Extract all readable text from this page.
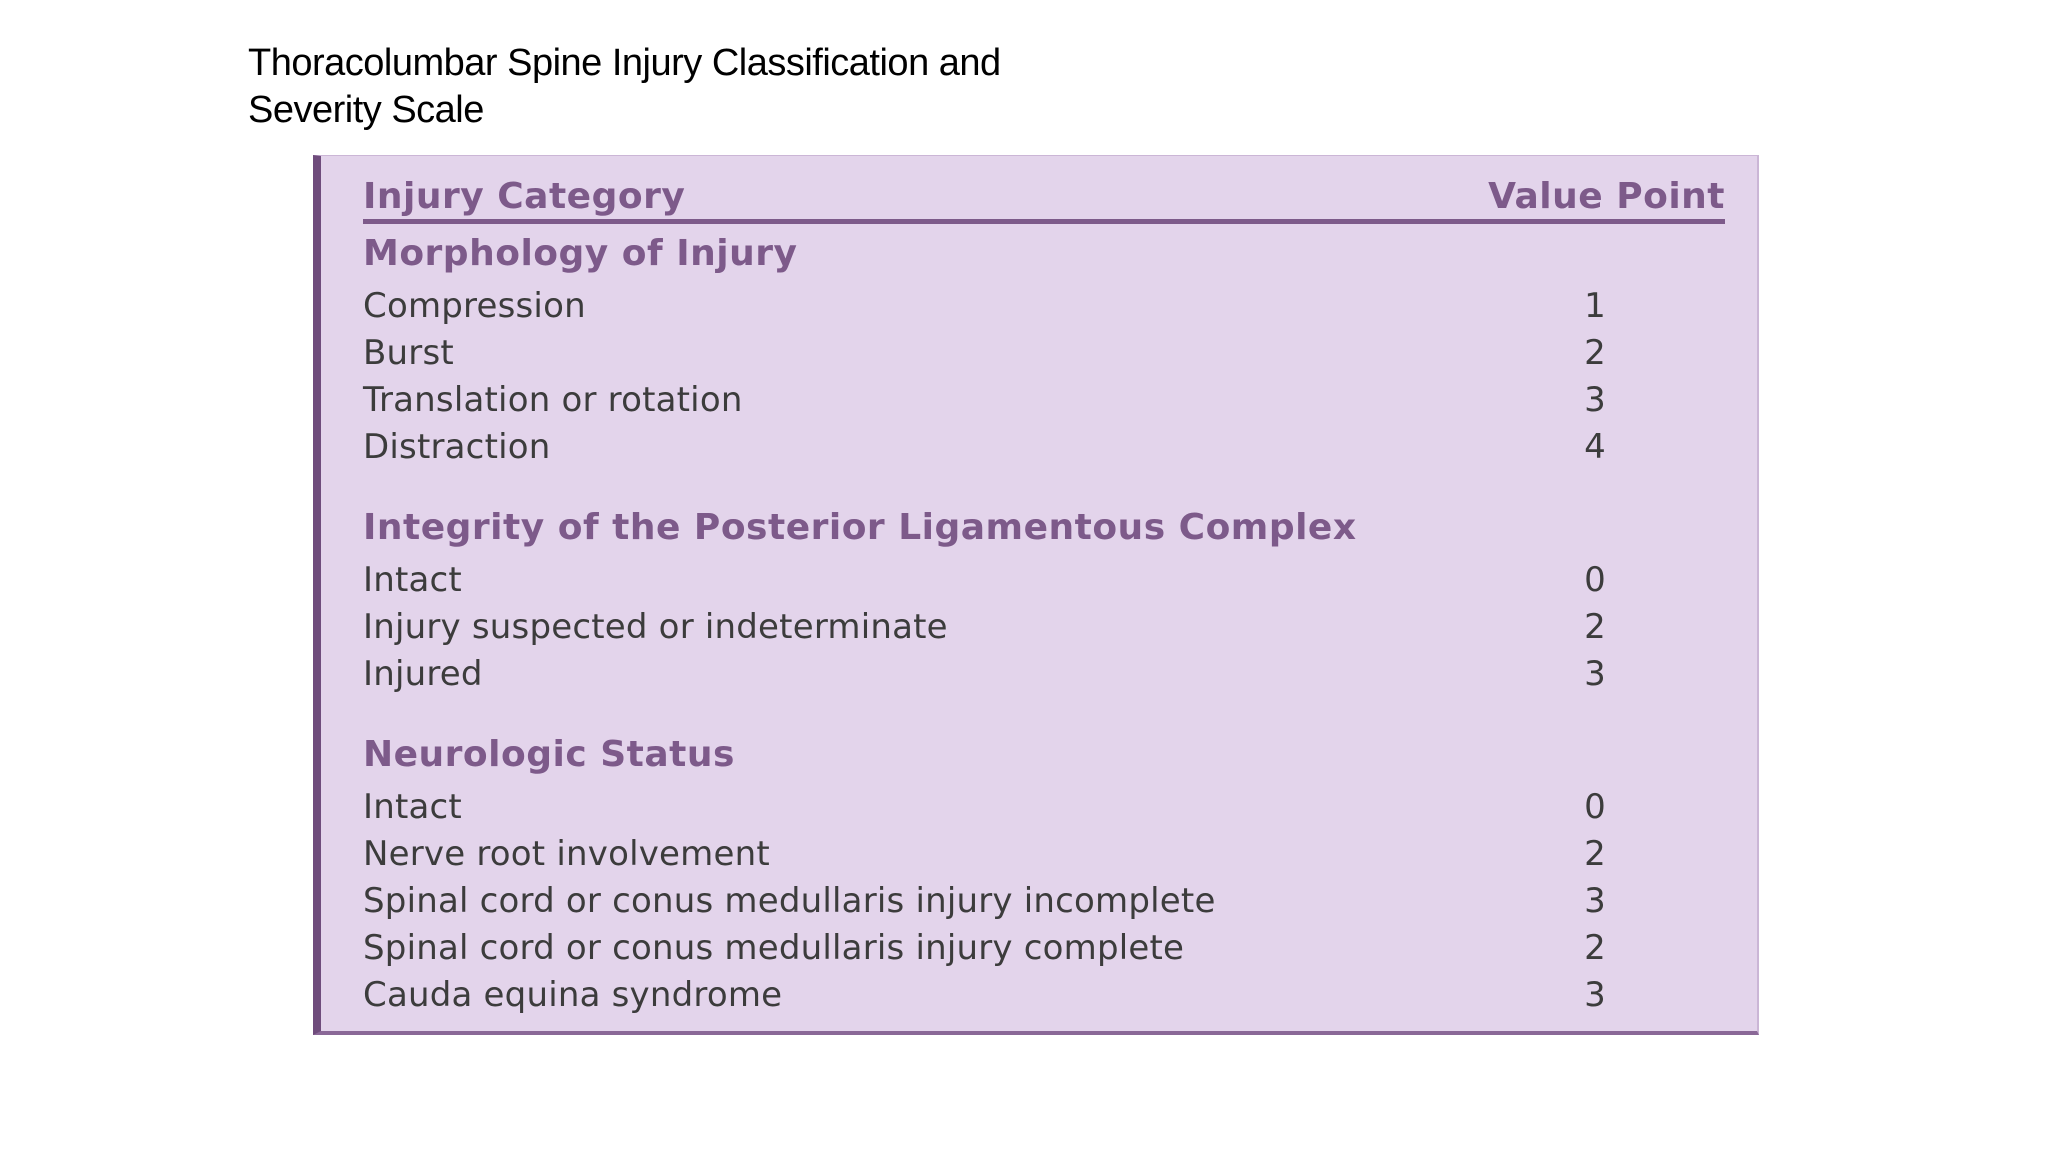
Thoracolumbar Spine Injury Classification and
Severity Scale
Injury Category	Value Point
Morphology of Injury
Compression	1
Burst	2
Translation or rotation	3
Distraction	4
Integrity of the Posterior Ligamentous Complex
Intact	0
Injury suspected or indeterminate	2
Injured	3
Neurologic Status
Intact	0
Nerve root involvement	2
Spinal cord or conus medullaris injury incomplete	3
Spinal cord or conus medullaris injury complete	2
Cauda equina syndrome	3
